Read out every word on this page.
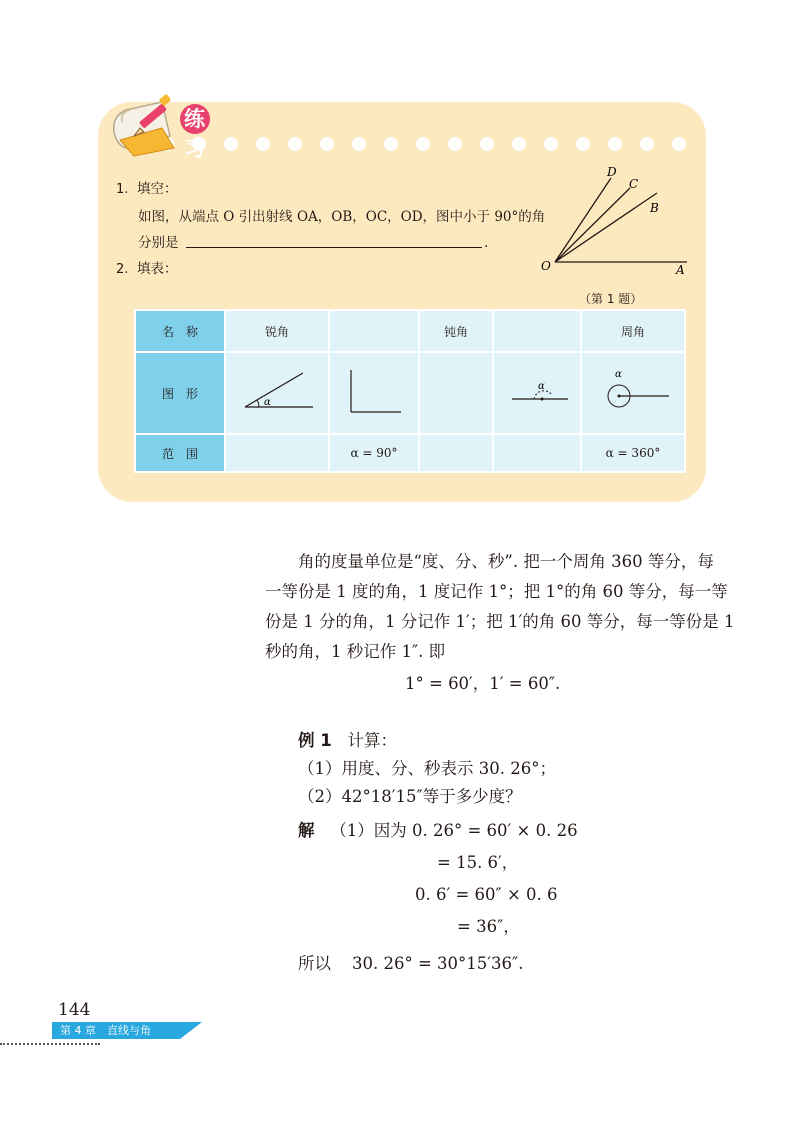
练习
1. 填空：
如图，从端点 O 引出射线 OA，OB，OC，OD，图中小于 90°的角
分别是	.
2. 填表：
D
C
B
O	A
（第 1 题）
名　称	锐角		钝角		周角
图　形	α			α	α

范　围		α = 90°			α = 360°
角的度量单位是“度、分、秒”. 把一个周角 360 等分，每
一等份是 1 度的角，1 度记作 1°；把 1°的角 60 等分，每一等
份是 1 分的角，1 分记作 1′；把 1′的角 60 等分，每一等份是 1
秒的角，1 秒记作 1″. 即
1° = 60′，1′ = 60″.
例 1 计算：
（1）用度、分、秒表示 30. 26°；
（2）42°18′15″等于多少度？
解 （1）因为 0. 26° = 60′ × 0. 26
= 15. 6′，
0. 6′ = 60″ × 0. 6
= 36″，
所以 30. 26° = 30°15′36″.
144
第 4 章　直线与角
